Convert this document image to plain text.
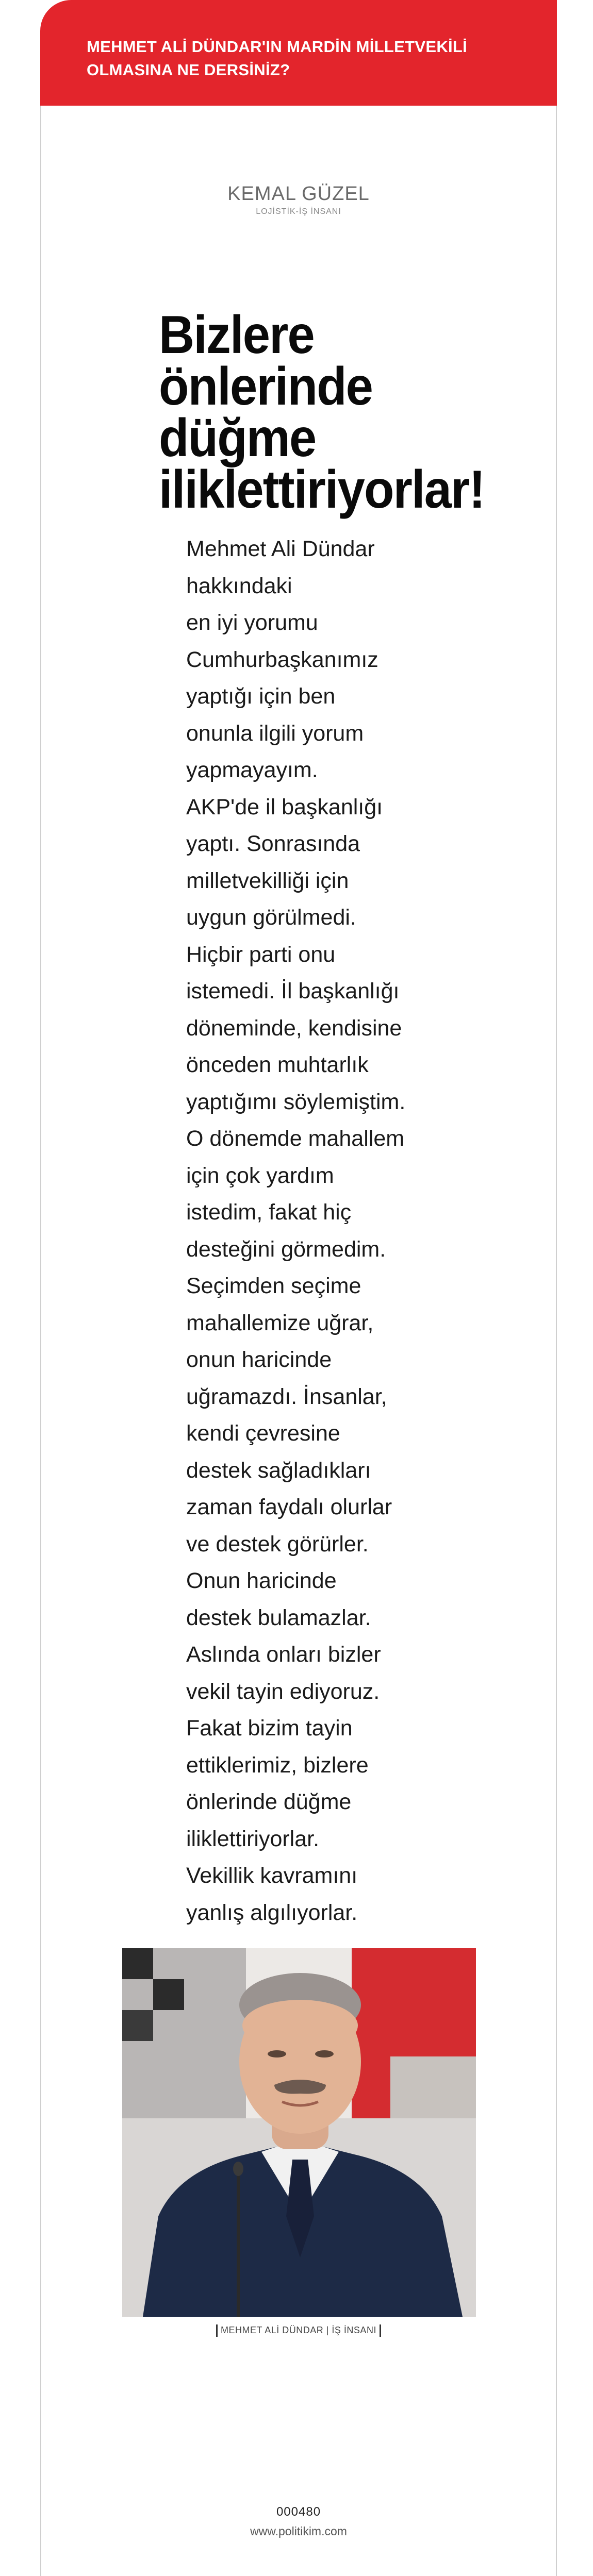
MEHMET ALİ DÜNDAR'IN MARDİN MİLLETVEKİLİ OLMASINA NE DERSİNİZ?
KEMAL GÜZEL
LOJİSTİK-İŞ İNSANI
Bizlere
önlerinde
düğme
iliklettiriyorlar!
Mehmet Ali Dündar
hakkındaki
en iyi yorumu
Cumhurbaşkanımız
yaptığı için ben
onunla ilgili yorum
yapmayayım.
AKP'de il başkanlığı
yaptı. Sonrasında
milletvekilliği için
uygun görülmedi.
Hiçbir parti onu
istemedi. İl başkanlığı
döneminde, kendisine
önceden muhtarlık
yaptığımı söylemiştim.
O dönemde mahallem
için çok yardım
istedim, fakat hiç
desteğini görmedim.
Seçimden seçime
mahallemize uğrar,
onun haricinde
uğramazdı. İnsanlar,
kendi çevresine
destek sağladıkları
zaman faydalı olurlar
ve destek görürler.
Onun haricinde
destek bulamazlar.
Aslında onları bizler
vekil tayin ediyoruz.
Fakat bizim tayin
ettiklerimiz, bizlere
önlerinde düğme
iliklettiriyorlar.
Vekillik kavramını
yanlış algılıyorlar.
MEHMET ALİ DÜNDAR | İŞ İNSANI
000480
www.politikim.com
